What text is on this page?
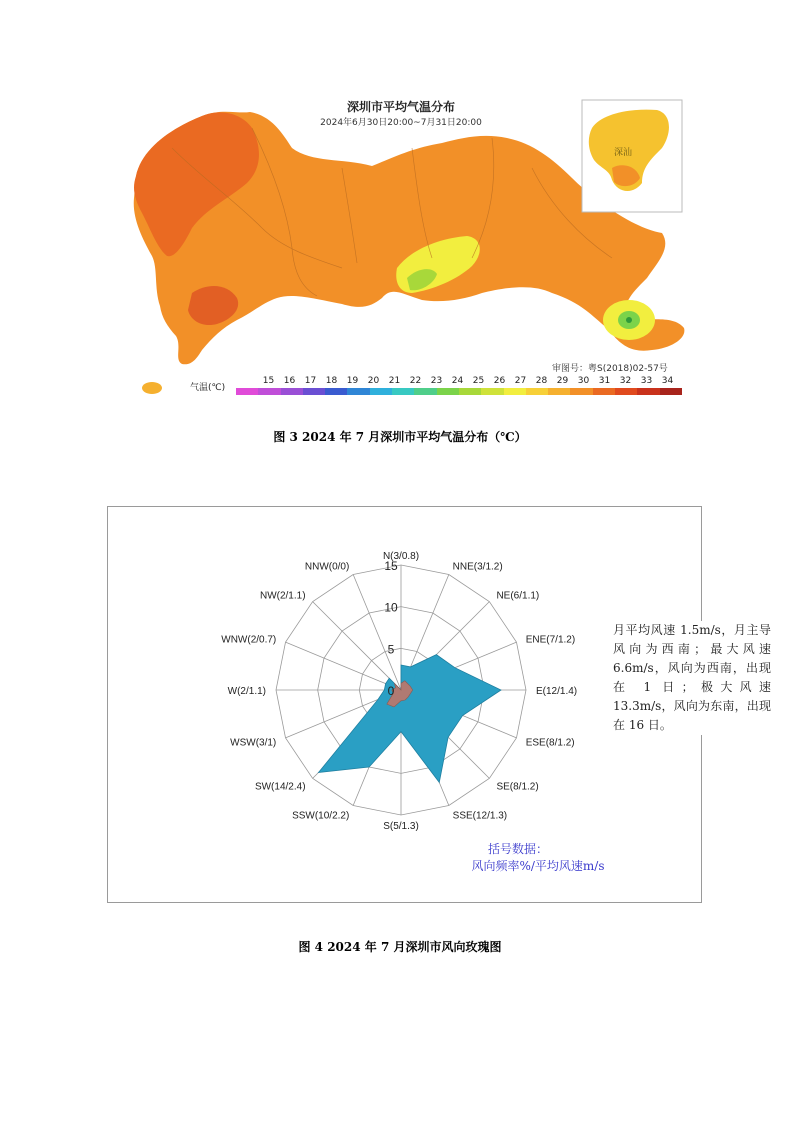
深圳市平均气温分布
2024年6月30日20:00~7月31日20:00
深汕
审图号：粤S(2018)02-57号
气温(℃)
15	16	17	18	19	20	21	22	23	24	25	26	27	28	29	30	31	32	33	34
图 3 2024 年 7 月深圳市平均气温分布（℃）
0
5
10
15
N(3/0.8)
NNE(3/1.2)
NE(6/1.1)
ENE(7/1.2)
E(12/1.4)
ESE(8/1.2)
SE(8/1.2)
SSE(12/1.3)
S(5/1.3)
SSW(10/2.2)
SW(14/2.4)
WSW(3/1)
W(2/1.1)
WNW(2/0.7)
NW(2/1.1)
NNW(0/0)
括号数据：
风向频率%/平均风速m/s
月平均风速 1.5m/s，月主导风向为西南；最大风速 6.6m/s，风向为西南，出现在 1 日；极大风速 13.3m/s，风向为东南，出现在 16 日。
图 4 2024 年 7 月深圳市风向玫瑰图
